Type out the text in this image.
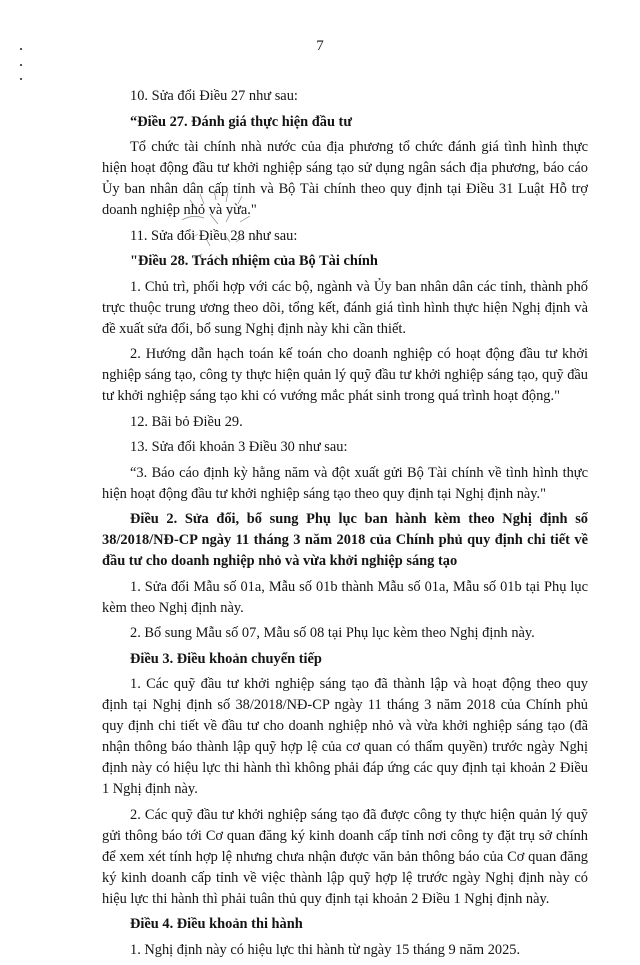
7

10. Sửa đổi Điều 27 như sau:

“Điều 27. Đánh giá thực hiện đầu tư

Tổ chức tài chính nhà nước của địa phương tổ chức đánh giá tình hình thực hiện hoạt động đầu tư khởi nghiệp sáng tạo sử dụng ngân sách địa phương, báo cáo Ủy ban nhân dân cấp tỉnh và Bộ Tài chính theo quy định tại Điều 31 Luật Hỗ trợ doanh nghiệp nhỏ và vừa."

11. Sửa đổi Điều 28 như sau:

"Điều 28. Trách nhiệm của Bộ Tài chính

1. Chủ trì, phối hợp với các bộ, ngành và Ủy ban nhân dân các tỉnh, thành phố trực thuộc trung ương theo dõi, tổng kết, đánh giá tình hình thực hiện Nghị định và đề xuất sửa đổi, bổ sung Nghị định này khi cần thiết.

2. Hướng dẫn hạch toán kế toán cho doanh nghiệp có hoạt động đầu tư khởi nghiệp sáng tạo, công ty thực hiện quản lý quỹ đầu tư khởi nghiệp sáng tạo, quỹ đầu tư khởi nghiệp sáng tạo khi có vướng mắc phát sinh trong quá trình hoạt động."

12. Bãi bỏ Điều 29.

13. Sửa đổi khoản 3 Điều 30 như sau:

“3. Báo cáo định kỳ hằng năm và đột xuất gửi Bộ Tài chính về tình hình thực hiện hoạt động đầu tư khởi nghiệp sáng tạo theo quy định tại Nghị định này."

Điều 2. Sửa đổi, bổ sung Phụ lục ban hành kèm theo Nghị định số 38/2018/NĐ-CP ngày 11 tháng 3 năm 2018 của Chính phủ quy định chi tiết về đầu tư cho doanh nghiệp nhỏ và vừa khởi nghiệp sáng tạo

1. Sửa đổi Mẫu số 01a, Mẫu số 01b thành Mẫu số 01a, Mẫu số 01b tại Phụ lục kèm theo Nghị định này.

2. Bổ sung Mẫu số 07, Mẫu số 08 tại Phụ lục kèm theo Nghị định này.

Điều 3. Điều khoản chuyển tiếp

1. Các quỹ đầu tư khởi nghiệp sáng tạo đã thành lập và hoạt động theo quy định tại Nghị định số 38/2018/NĐ-CP ngày 11 tháng 3 năm 2018 của Chính phủ quy định chi tiết về đầu tư cho doanh nghiệp nhỏ và vừa khởi nghiệp sáng tạo (đã nhận thông báo thành lập quỹ hợp lệ của cơ quan có thẩm quyền) trước ngày Nghị định này có hiệu lực thi hành thì không phải đáp ứng các quy định tại khoản 2 Điều 1 Nghị định này.

2. Các quỹ đầu tư khởi nghiệp sáng tạo đã được công ty thực hiện quản lý quỹ gửi thông báo tới Cơ quan đăng ký kinh doanh cấp tỉnh nơi công ty đặt trụ sở chính để xem xét tính hợp lệ nhưng chưa nhận được văn bản thông báo của Cơ quan đăng ký kinh doanh cấp tỉnh về việc thành lập quỹ hợp lệ trước ngày Nghị định này có hiệu lực thi hành thì phải tuân thủ quy định tại khoản 2 Điều 1 Nghị định này.

Điều 4. Điều khoản thi hành

1. Nghị định này có hiệu lực thi hành từ ngày 15 tháng 9 năm 2025.
